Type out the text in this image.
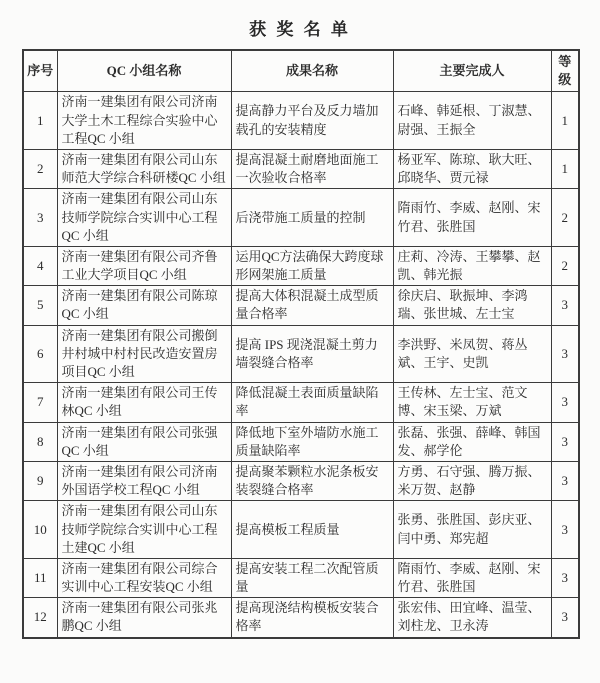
获 奖 名 单
序号	QC 小组名称	成果名称	主要完成人	等级
1	济南一建集团有限公司济南大学土木工程综合实验中心工程QC 小组	提高静力平台及反力墙加载孔的安装精度	石峰、韩延根、丁淑慧、尉强、王振全	1
2	济南一建集团有限公司山东师范大学综合科研楼QC 小组	提高混凝土耐磨地面施工一次验收合格率	杨亚军、陈琼、耿大旺、邱晓华、贾元禄	1
3	济南一建集团有限公司山东技师学院综合实训中心工程QC 小组	后浇带施工质量的控制	隋雨竹、李威、赵刚、宋竹君、张胜国	2
4	济南一建集团有限公司齐鲁工业大学项目QC 小组	运用QC方法确保大跨度球形网架施工质量	庄莉、冷涛、王攀攀、赵凯、韩光振	2
5	济南一建集团有限公司陈琼QC 小组	提高大体积混凝土成型质量合格率	徐庆启、耿振坤、李鸿瑞、张世城、左士宝	3
6	济南一建集团有限公司搬倒井村城中村村民改造安置房项目QC 小组	提高 IPS 现浇混凝土剪力墙裂缝合格率	李洪野、米凤贺、蒋丛斌、王宇、史凯	3
7	济南一建集团有限公司王传林QC 小组	降低混凝土表面质量缺陷率	王传林、左士宝、范文博、宋玉梁、万斌	3
8	济南一建集团有限公司张强QC 小组	降低地下室外墙防水施工质量缺陷率	张磊、张强、薛峰、韩国发、郝学伦	3
9	济南一建集团有限公司济南外国语学校工程QC 小组	提高聚苯颗粒水泥条板安装裂缝合格率	方勇、石守强、腾万振、米万贺、赵静	3
10	济南一建集团有限公司山东技师学院综合实训中心工程土建QC 小组	提高模板工程质量	张勇、张胜国、彭庆亚、闫中勇、郑宪超	3
11	济南一建集团有限公司综合实训中心工程安装QC 小组	提高安装工程二次配管质量	隋雨竹、李威、赵刚、宋竹君、张胜国	3
12	济南一建集团有限公司张兆鹏QC 小组	提高现浇结构模板安装合格率	张宏伟、田宜峰、温莹、刘柱龙、卫永涛	3
